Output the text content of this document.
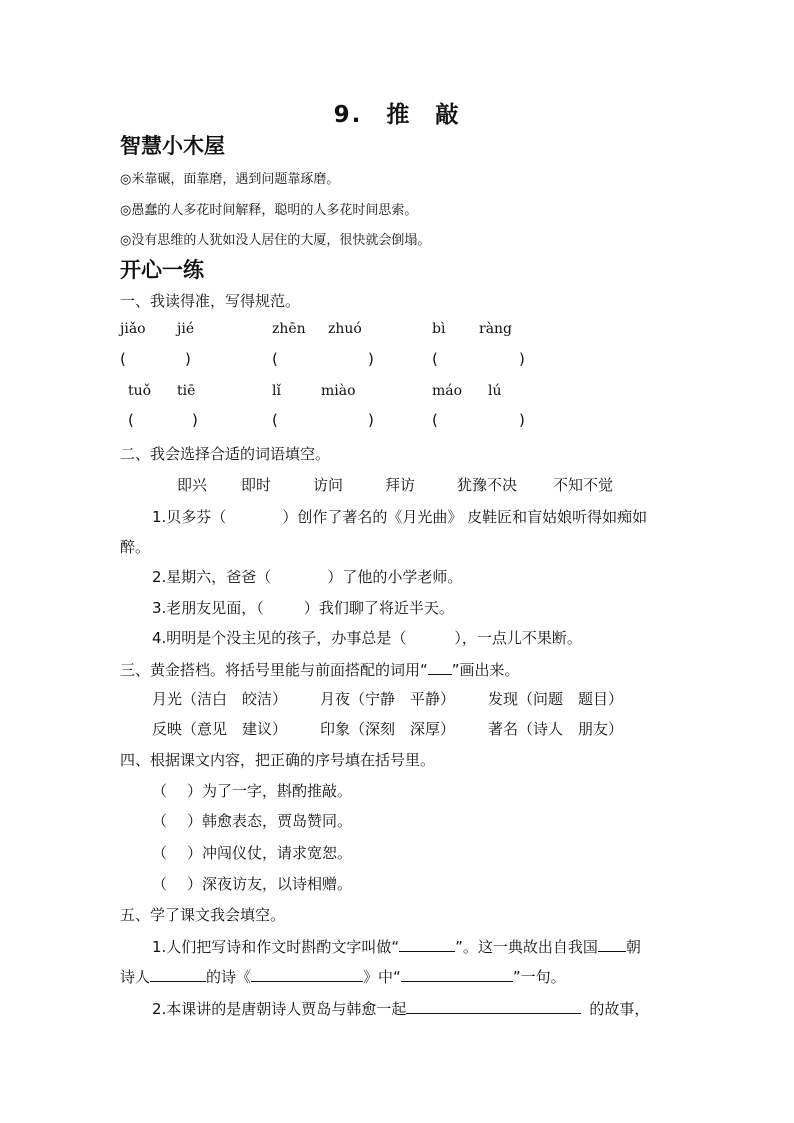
9. 推 敲
智慧小木屋
◎米靠碾，面靠磨，遇到问题靠琢磨。
◎愚蠢的人多花时间解释，聪明的人多花时间思索。
◎没有思维的人犹如没人居住的大厦，很快就会倒塌。
开心一练
一、我读得准，写得规范。
jiǎo jié	zhēn zhuó	bì ràng
(	)	(	)	(	)
tuǒ tiē	lǐ	miào	máo lú
(	)	(	)	(	)
二、我会选择合适的词语填空。
即兴 即时	访问	拜访	犹豫不决 不知不觉
1.贝多芬（	）创作了著名的《月光曲》 皮鞋匠和盲姑娘听得如痴如
醉。
2.星期六，爸爸（	）了他的小学老师。
3.老朋友见面，（	）我们聊了将近半天。
4.明明是个没主见的孩子，办事总是（	），一点儿不果断。
三、黄金搭档。将括号里能与前面搭配的词用“ ”画出来。
月光（洁白　皎洁） 月夜（宁静　平静） 发现（问题　题目）
反映（意见　建议） 印象（深刻　深厚） 著名（诗人　朋友）
四、根据课文内容，把正确的序号填在括号里。
（ ）为了一字，斟酌推敲。
（ ）韩愈表态，贾岛赞同。
（ ）冲闯仪仗，请求宽恕。
（ ）深夜访友，以诗相赠。
五、学了课文我会填空。
1.人们把写诗和作文时斟酌文字叫做“	”。这一典故出自我国 朝
诗人	的诗《	》中“	”一句。
2.本课讲的是唐朝诗人贾岛与韩愈一起	的故事，
